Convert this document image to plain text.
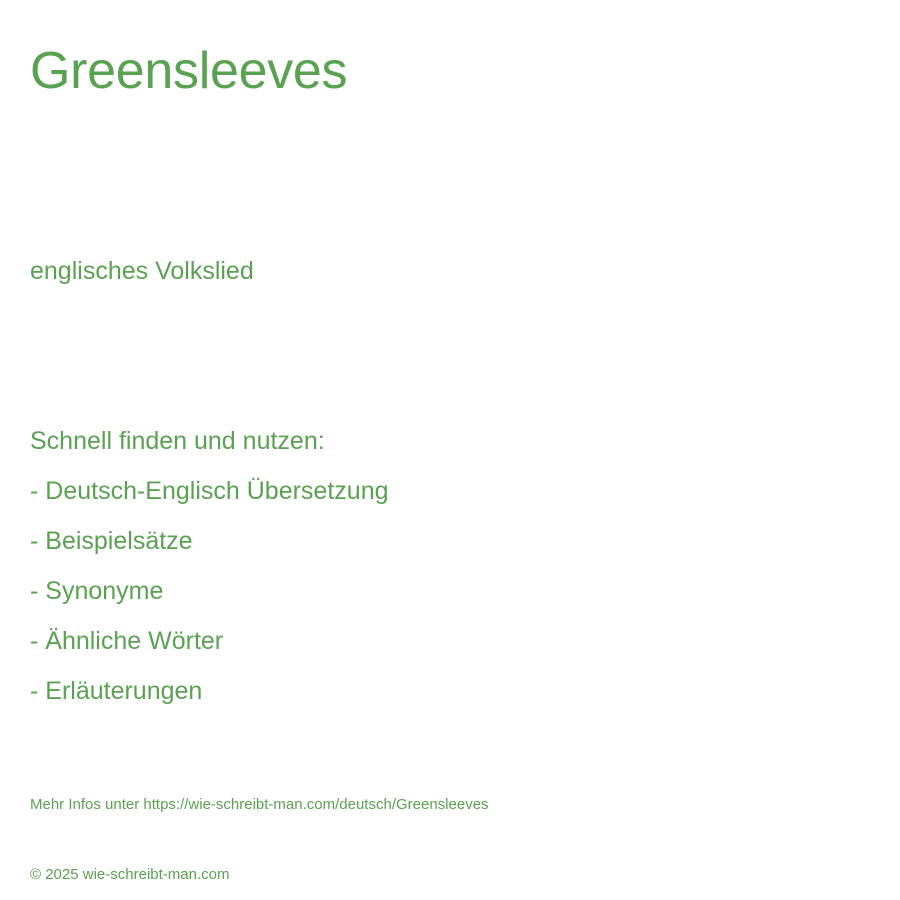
Greensleeves
englisches Volkslied
Schnell finden und nutzen:
- Deutsch-Englisch Übersetzung
- Beispielsätze
- Synonyme
- Ähnliche Wörter
- Erläuterungen
Mehr Infos unter https://wie-schreibt-man.com/deutsch/Greensleeves
© 2025 wie-schreibt-man.com
